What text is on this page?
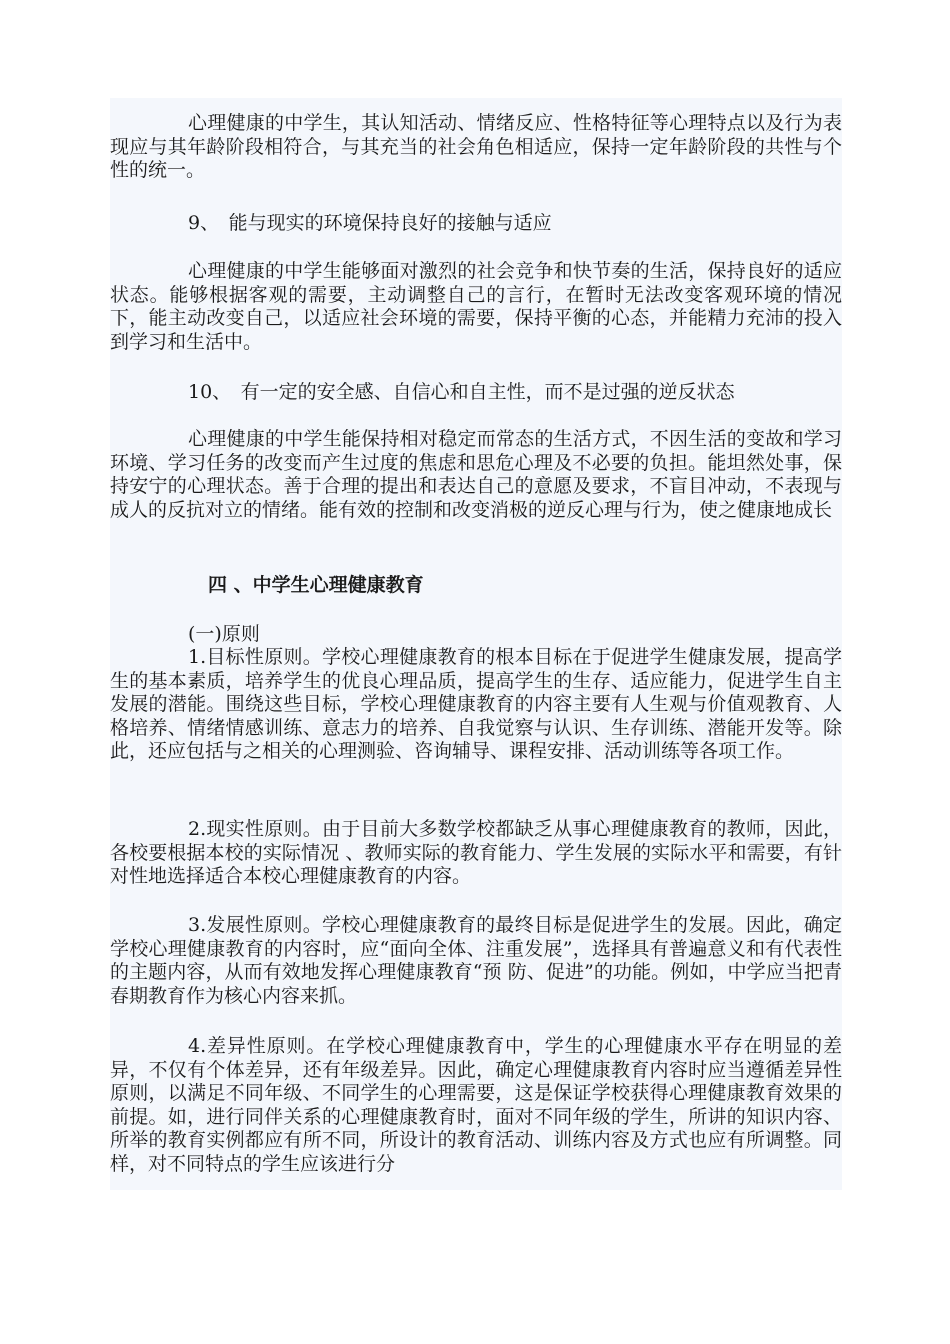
心理健康的中学生，其认知活动、情绪反应、性格特征等心理特点以及行为表现应与其年龄阶段相符合，与其充当的社会角色相适应，保持一定年龄阶段的共性与个性的统一。

9、　能与现实的环境保持良好的接触与适应

心理健康的中学生能够面对激烈的社会竞争和快节奏的生活，保持良好的适应状态。能够根据客观的需要，主动调整自己的言行，在暂时无法改变客观环境的情况下，能主动改变自己，以适应社会环境的需要，保持平衡的心态，并能精力充沛的投入到学习和生活中。

10、　有一定的安全感、自信心和自主性，而不是过强的逆反状态

心理健康的中学生能保持相对稳定而常态的生活方式，不因生活的变故和学习环境、学习任务的改变而产生过度的焦虑和思危心理及不必要的负担。能坦然处事，保持安宁的心理状态。善于合理的提出和表达自己的意愿及要求，不盲目冲动，不表现与成人的反抗对立的情绪。能有效的控制和改变消极的逆反心理与行为，使之健康地成长

四 、中学生心理健康教育

(一)原则

1.目标性原则。学校心理健康教育的根本目标在于促进学生健康发展，提高学生的基本素质，培养学生的优良心理品质，提高学生的生存、适应能力，促进学生自主发展的潜能。围绕这些目标，学校心理健康教育的内容主要有人生观与价值观教育、人格培养、情绪情感训练、意志力的培养、自我觉察与认识、生存训练、潜能开发等。除此，还应包括与之相关的心理测验、咨询辅导、课程安排、活动训练等各项工作。

2.现实性原则。由于目前大多数学校都缺乏从事心理健康教育的教师，因此，各校要根据本校的实际情况 、教师实际的教育能力、学生发展的实际水平和需要，有针对性地选择适合本校心理健康教育的内容。

3.发展性原则。学校心理健康教育的最终目标是促进学生的发展。因此，确定学校心理健康教育的内容时，应“面向全体、注重发展”，选择具有普遍意义和有代表性的主题内容，从而有效地发挥心理健康教育“预 防、促进”的功能。例如，中学应当把青春期教育作为核心内容来抓。

4.差异性原则。在学校心理健康教育中，学生的心理健康水平存在明显的差异，不仅有个体差异，还有年级差异。因此，确定心理健康教育内容时应当遵循差异性原则，以满足不同年级、不同学生的心理需要，这是保证学校获得心理健康教育效果的前提。如，进行同伴关系的心理健康教育时，面对不同年级的学生，所讲的知识内容、所举的教育实例都应有所不同，所设计的教育活动、训练内容及方式也应有所调整。同样，对不同特点的学生应该进行分
